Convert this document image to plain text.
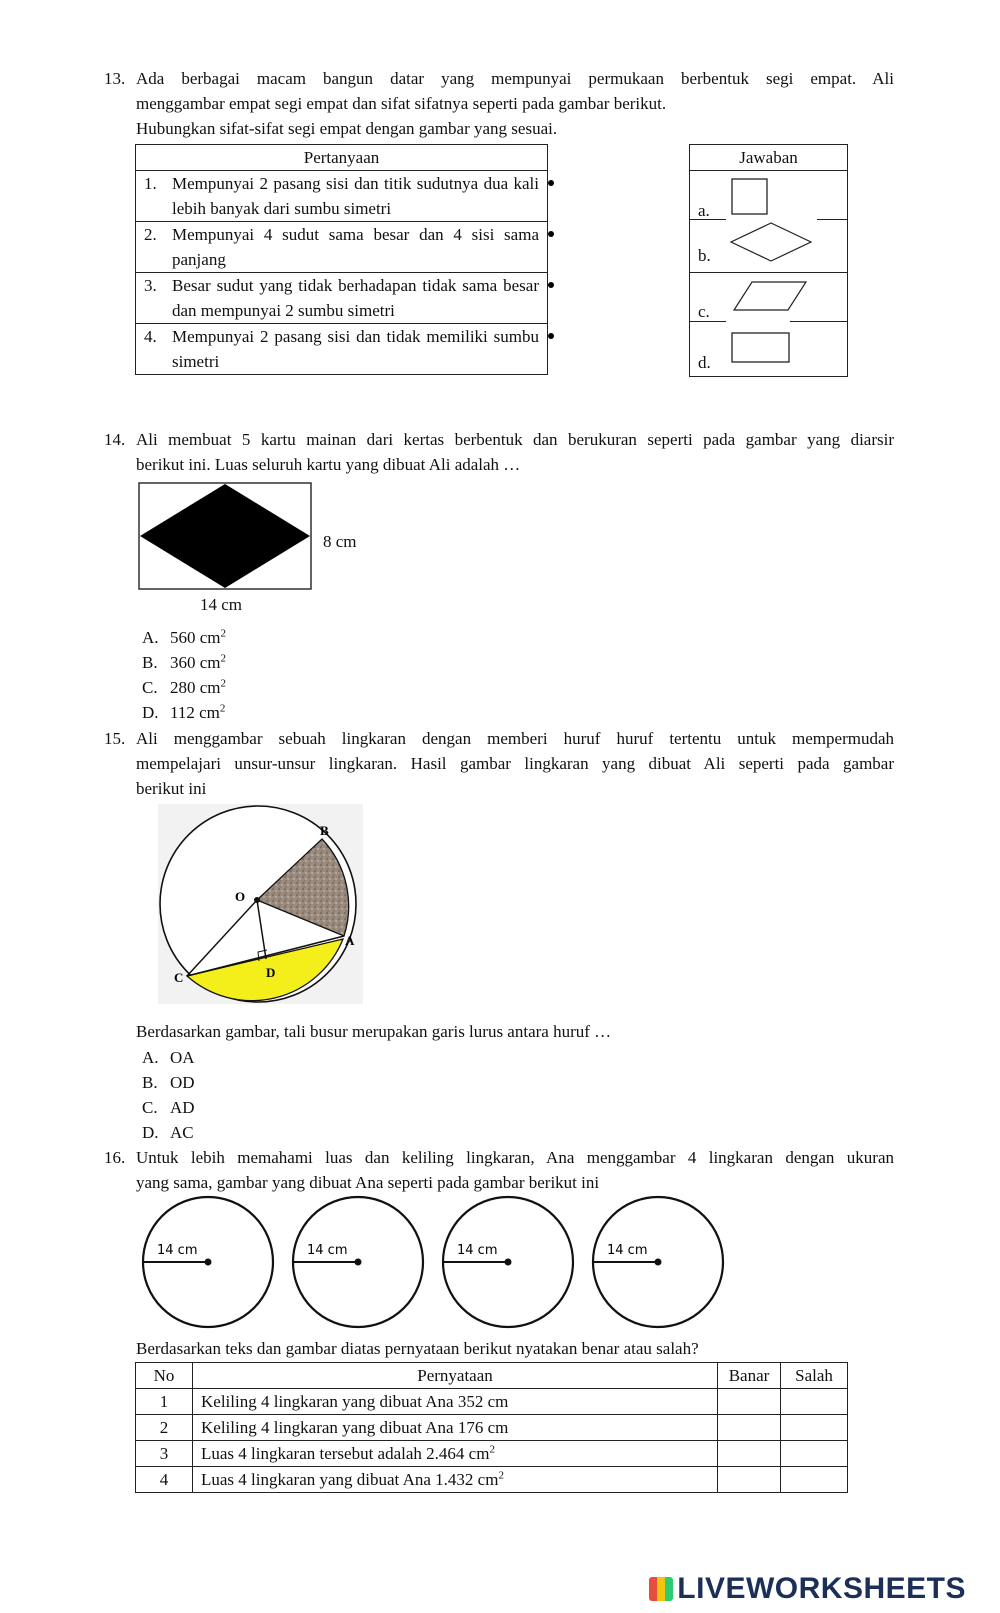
13. Ada berbagai macam bangun datar yang mempunyai permukaan berbentuk segi empat. Ali
menggambar empat segi empat dan sifat sifatnya seperti pada gambar berikut.
Hubungkan sifat-sifat segi empat dengan gambar yang sesuai.
Pertanyaan

1. Mempunyai 2 pasang sisi dan titik sudutnya dua kali lebih banyak dari sumbu simetri

2. Mempunyai 4 sudut sama besar dan 4 sisi sama panjang

3. Besar sudut yang tidak berhadapan tidak sama besar dan mempunyai 2 sumbu simetri

4. Mempunyai 2 pasang sisi dan tidak memiliki sumbu simetri
Jawaban
a.
b.
c.
d.
14. Ali membuat 5 kartu mainan dari kertas berbentuk dan berukuran seperti pada gambar yang diarsir
berikut ini. Luas seluruh kartu yang dibuat Ali adalah …
8 cm
14 cm
A. 560 $cm^2$
B. 360 $cm^2$
C. 280 $cm^2$
D. 112 $cm^2$
15. Ali menggambar sebuah lingkaran dengan memberi huruf huruf tertentu untuk mempermudah
mempelajari unsur-unsur lingkaran. Hasil gambar lingkaran yang dibuat Ali seperti pada gambar
berikut ini
B
O
A
C	D
Berdasarkan gambar, tali busur merupakan garis lurus antara huruf …
A. OA
B. OD
C. AD
D. AC
16. Untuk lebih memahami luas dan keliling lingkaran, Ana menggambar 4 lingkaran dengan ukuran
yang sama, gambar yang dibuat Ana seperti pada gambar berikut ini
14 cm	14 cm	14 cm	14 cm
Berdasarkan teks dan gambar diatas pernyataan berikut nyatakan benar atau salah?
No	Pernyataan	Banar	Salah
1	Keliling 4 lingkaran yang dibuat Ana 352 cm		
2	Keliling 4 lingkaran yang dibuat Ana 176 cm		
3	Luas 4 lingkaran tersebut adalah 2.464 $cm^2$		
4	Luas 4 lingkaran yang dibuat Ana 1.432 $cm^2$		
LIVEWORKSHEETS
